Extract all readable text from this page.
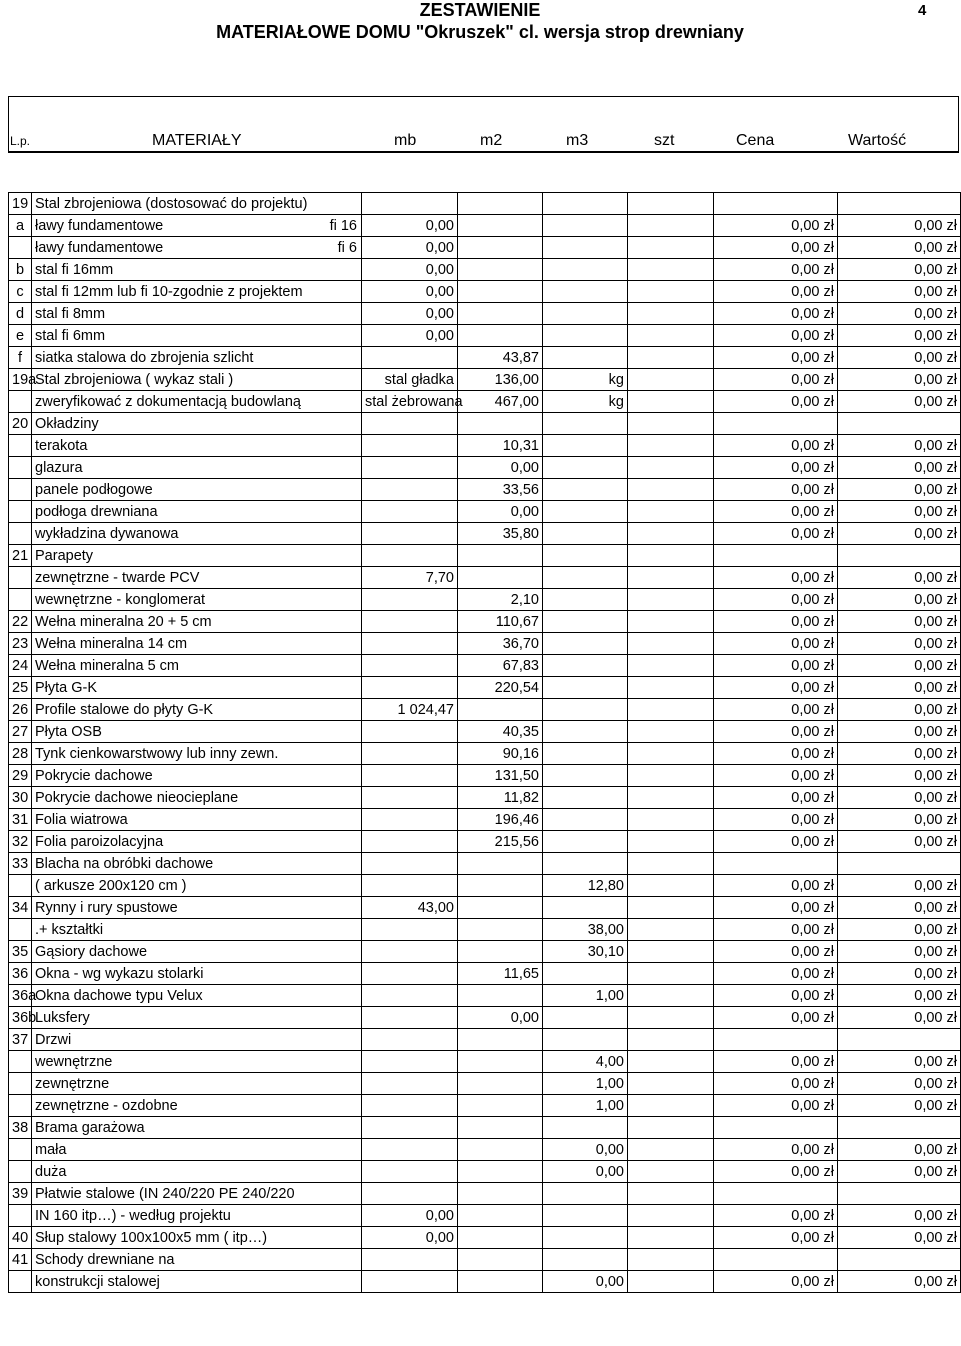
ZESTAWIENIE
MATERIAŁOWE DOMU "Okruszek" cl. wersja strop drewniany
4
L.p.	MATERIAŁY	mb	m2	m3	szt	Cena	Wartość
19	Stal zbrojeniowa (dostosować do projektu)						
a	ławy fundamentowe fi 16	0,00				0,00 zł	0,00 zł
	ławy fundamentowe fi 6	0,00				0,00 zł	0,00 zł
b	stal fi 16mm	0,00				0,00 zł	0,00 zł
c	stal fi 12mm lub fi 10-zgodnie z projektem	0,00				0,00 zł	0,00 zł
d	stal fi 8mm	0,00				0,00 zł	0,00 zł
e	stal fi 6mm	0,00				0,00 zł	0,00 zł
f	siatka stalowa do zbrojenia szlicht		43,87			0,00 zł	0,00 zł
19a	Stal zbrojeniowa ( wykaz stali )	stal gładka	136,00	kg		0,00 zł	0,00 zł
	zweryfikować z dokumentacją budowlaną	stal żebrowana	467,00	kg		0,00 zł	0,00 zł
20	Okładziny						
	terakota		10,31			0,00 zł	0,00 zł
	glazura		0,00			0,00 zł	0,00 zł
	panele podłogowe		33,56			0,00 zł	0,00 zł
	podłoga drewniana		0,00			0,00 zł	0,00 zł
	wykładzina dywanowa		35,80			0,00 zł	0,00 zł
21	Parapety						
	zewnętrzne - twarde PCV	7,70				0,00 zł	0,00 zł
	wewnętrzne - konglomerat		2,10			0,00 zł	0,00 zł
22	Wełna mineralna 20 + 5 cm		110,67			0,00 zł	0,00 zł
23	Wełna mineralna 14 cm		36,70			0,00 zł	0,00 zł
24	Wełna mineralna 5 cm		67,83			0,00 zł	0,00 zł
25	Płyta G-K		220,54			0,00 zł	0,00 zł
26	Profile stalowe do płyty G-K	1 024,47				0,00 zł	0,00 zł
27	Płyta OSB		40,35			0,00 zł	0,00 zł
28	Tynk cienkowarstwowy lub inny zewn.		90,16			0,00 zł	0,00 zł
29	Pokrycie dachowe		131,50			0,00 zł	0,00 zł
30	Pokrycie dachowe nieocieplane		11,82			0,00 zł	0,00 zł
31	Folia wiatrowa		196,46			0,00 zł	0,00 zł
32	Folia paroizolacyjna		215,56			0,00 zł	0,00 zł
33	Blacha na obróbki dachowe						
	( arkusze 200x120 cm )			12,80		0,00 zł	0,00 zł
34	Rynny i rury spustowe	43,00				0,00 zł	0,00 zł
	.+ kształtki			38,00		0,00 zł	0,00 zł
35	Gąsiory dachowe			30,10		0,00 zł	0,00 zł
36	Okna - wg wykazu stolarki		11,65			0,00 zł	0,00 zł
36a	Okna dachowe typu Velux			1,00		0,00 zł	0,00 zł
36b	Luksfery		0,00			0,00 zł	0,00 zł
37	Drzwi						
	wewnętrzne			4,00		0,00 zł	0,00 zł
	zewnętrzne			1,00		0,00 zł	0,00 zł
	zewnętrzne - ozdobne			1,00		0,00 zł	0,00 zł
38	Brama garażowa						
	mała			0,00		0,00 zł	0,00 zł
	duża			0,00		0,00 zł	0,00 zł
39	Płatwie stalowe (IN 240/220 PE 240/220						
	IN 160 itp…) - według projektu	0,00				0,00 zł	0,00 zł
40	Słup stalowy 100x100x5 mm ( itp…)	0,00				0,00 zł	0,00 zł
41	Schody drewniane na						
	konstrukcji stalowej			0,00		0,00 zł	0,00 zł
